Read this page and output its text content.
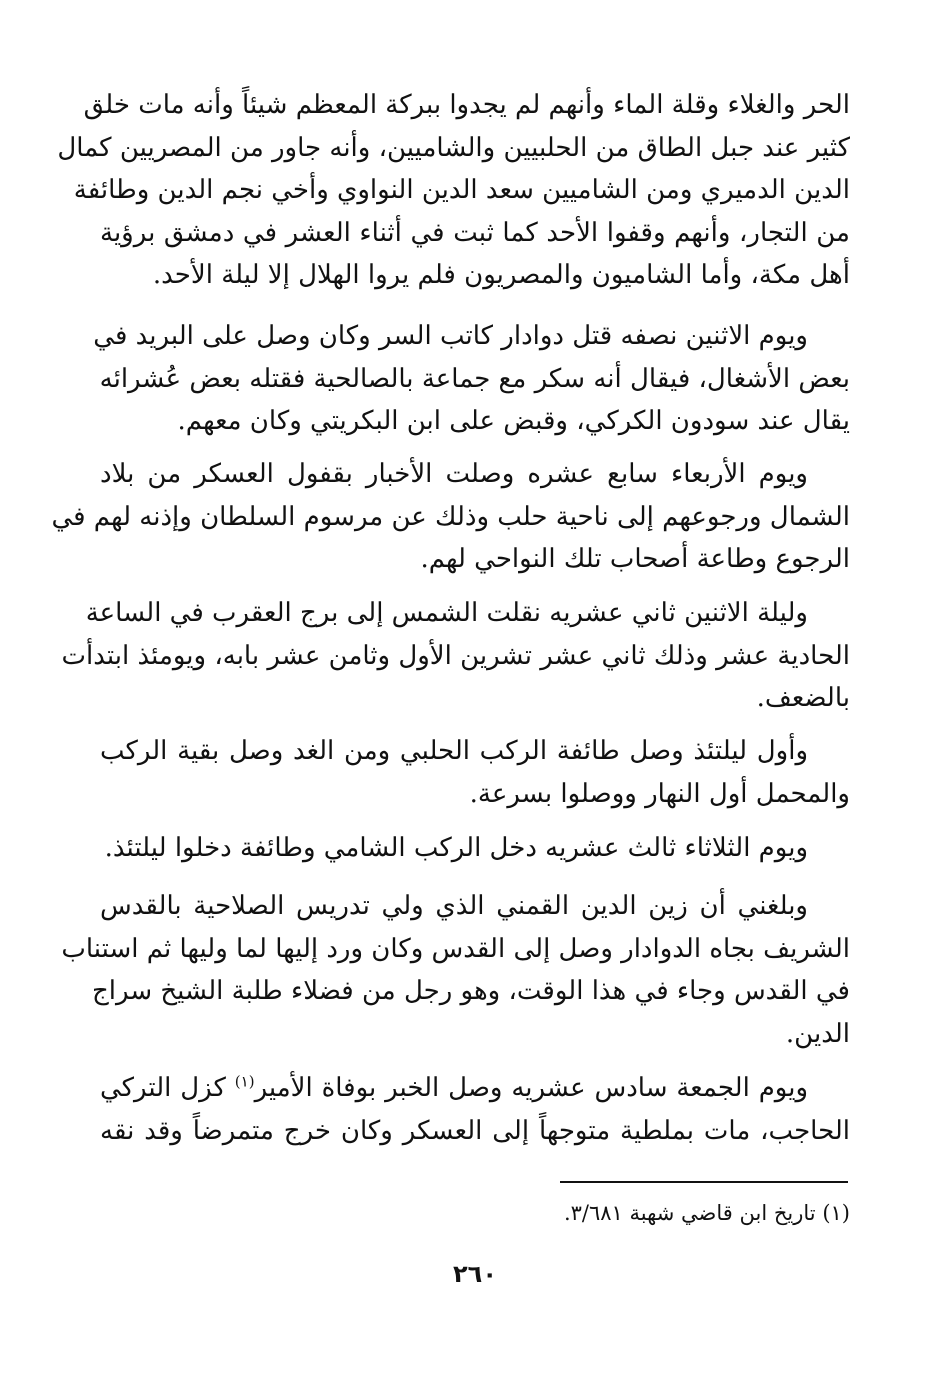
الحر والغلاء وقلة الماء وأنهم لم يجدوا ببركة المعظم شيئاً وأنه مات خلق
كثير عند جبل الطاق من الحلبيين والشاميين، وأنه جاور من المصريين كمال
الدين الدميري ومن الشاميين سعد الدين النواوي وأخي نجم الدين وطائفة
من التجار، وأنهم وقفوا الأحد كما ثبت في أثناء العشر في دمشق برؤية
أهل مكة، وأما الشاميون والمصريون فلم يروا الهلال إلا ليلة الأحد.
ويوم الاثنين نصفه قتل دوادار كاتب السر وكان وصل على البريد في
بعض الأشغال، فيقال أنه سكر مع جماعة بالصالحية فقتله بعض عُشرائه
يقال عند سودون الكركي، وقبض على ابن البكريتي وكان معهم.
ويوم الأربعاء سابع عشره وصلت الأخبار بقفول العسكر من بلاد
الشمال ورجوعهم إلى ناحية حلب وذلك عن مرسوم السلطان وإذنه لهم في
الرجوع وطاعة أصحاب تلك النواحي لهم.
وليلة الاثنين ثاني عشريه نقلت الشمس إلى برج العقرب في الساعة
الحادية عشر وذلك ثاني عشر تشرين الأول وثامن عشر بابه، ويومئذ ابتدأت
بالضعف.
وأول ليلتئذ وصل طائفة الركب الحلبي ومن الغد وصل بقية الركب
والمحمل أول النهار ووصلوا بسرعة.
ويوم الثلاثاء ثالث عشريه دخل الركب الشامي وطائفة دخلوا ليلتئذ.
وبلغني أن زين الدين القمني الذي ولي تدريس الصلاحية بالقدس
الشريف بجاه الدوادار وصل إلى القدس وكان ورد إليها لما وليها ثم استناب
في القدس وجاء في هذا الوقت، وهو رجل من فضلاء طلبة الشيخ سراج
الدين.
ويوم الجمعة سادس عشريه وصل الخبر بوفاة الأمير$^{(١)}$ كزل التركي
الحاجب، مات بملطية متوجهاً إلى العسكر وكان خرج متمرضاً وقد نقه
(١) تاريخ ابن قاضي شهبة ٣/٦٨١.
٢٦٠
